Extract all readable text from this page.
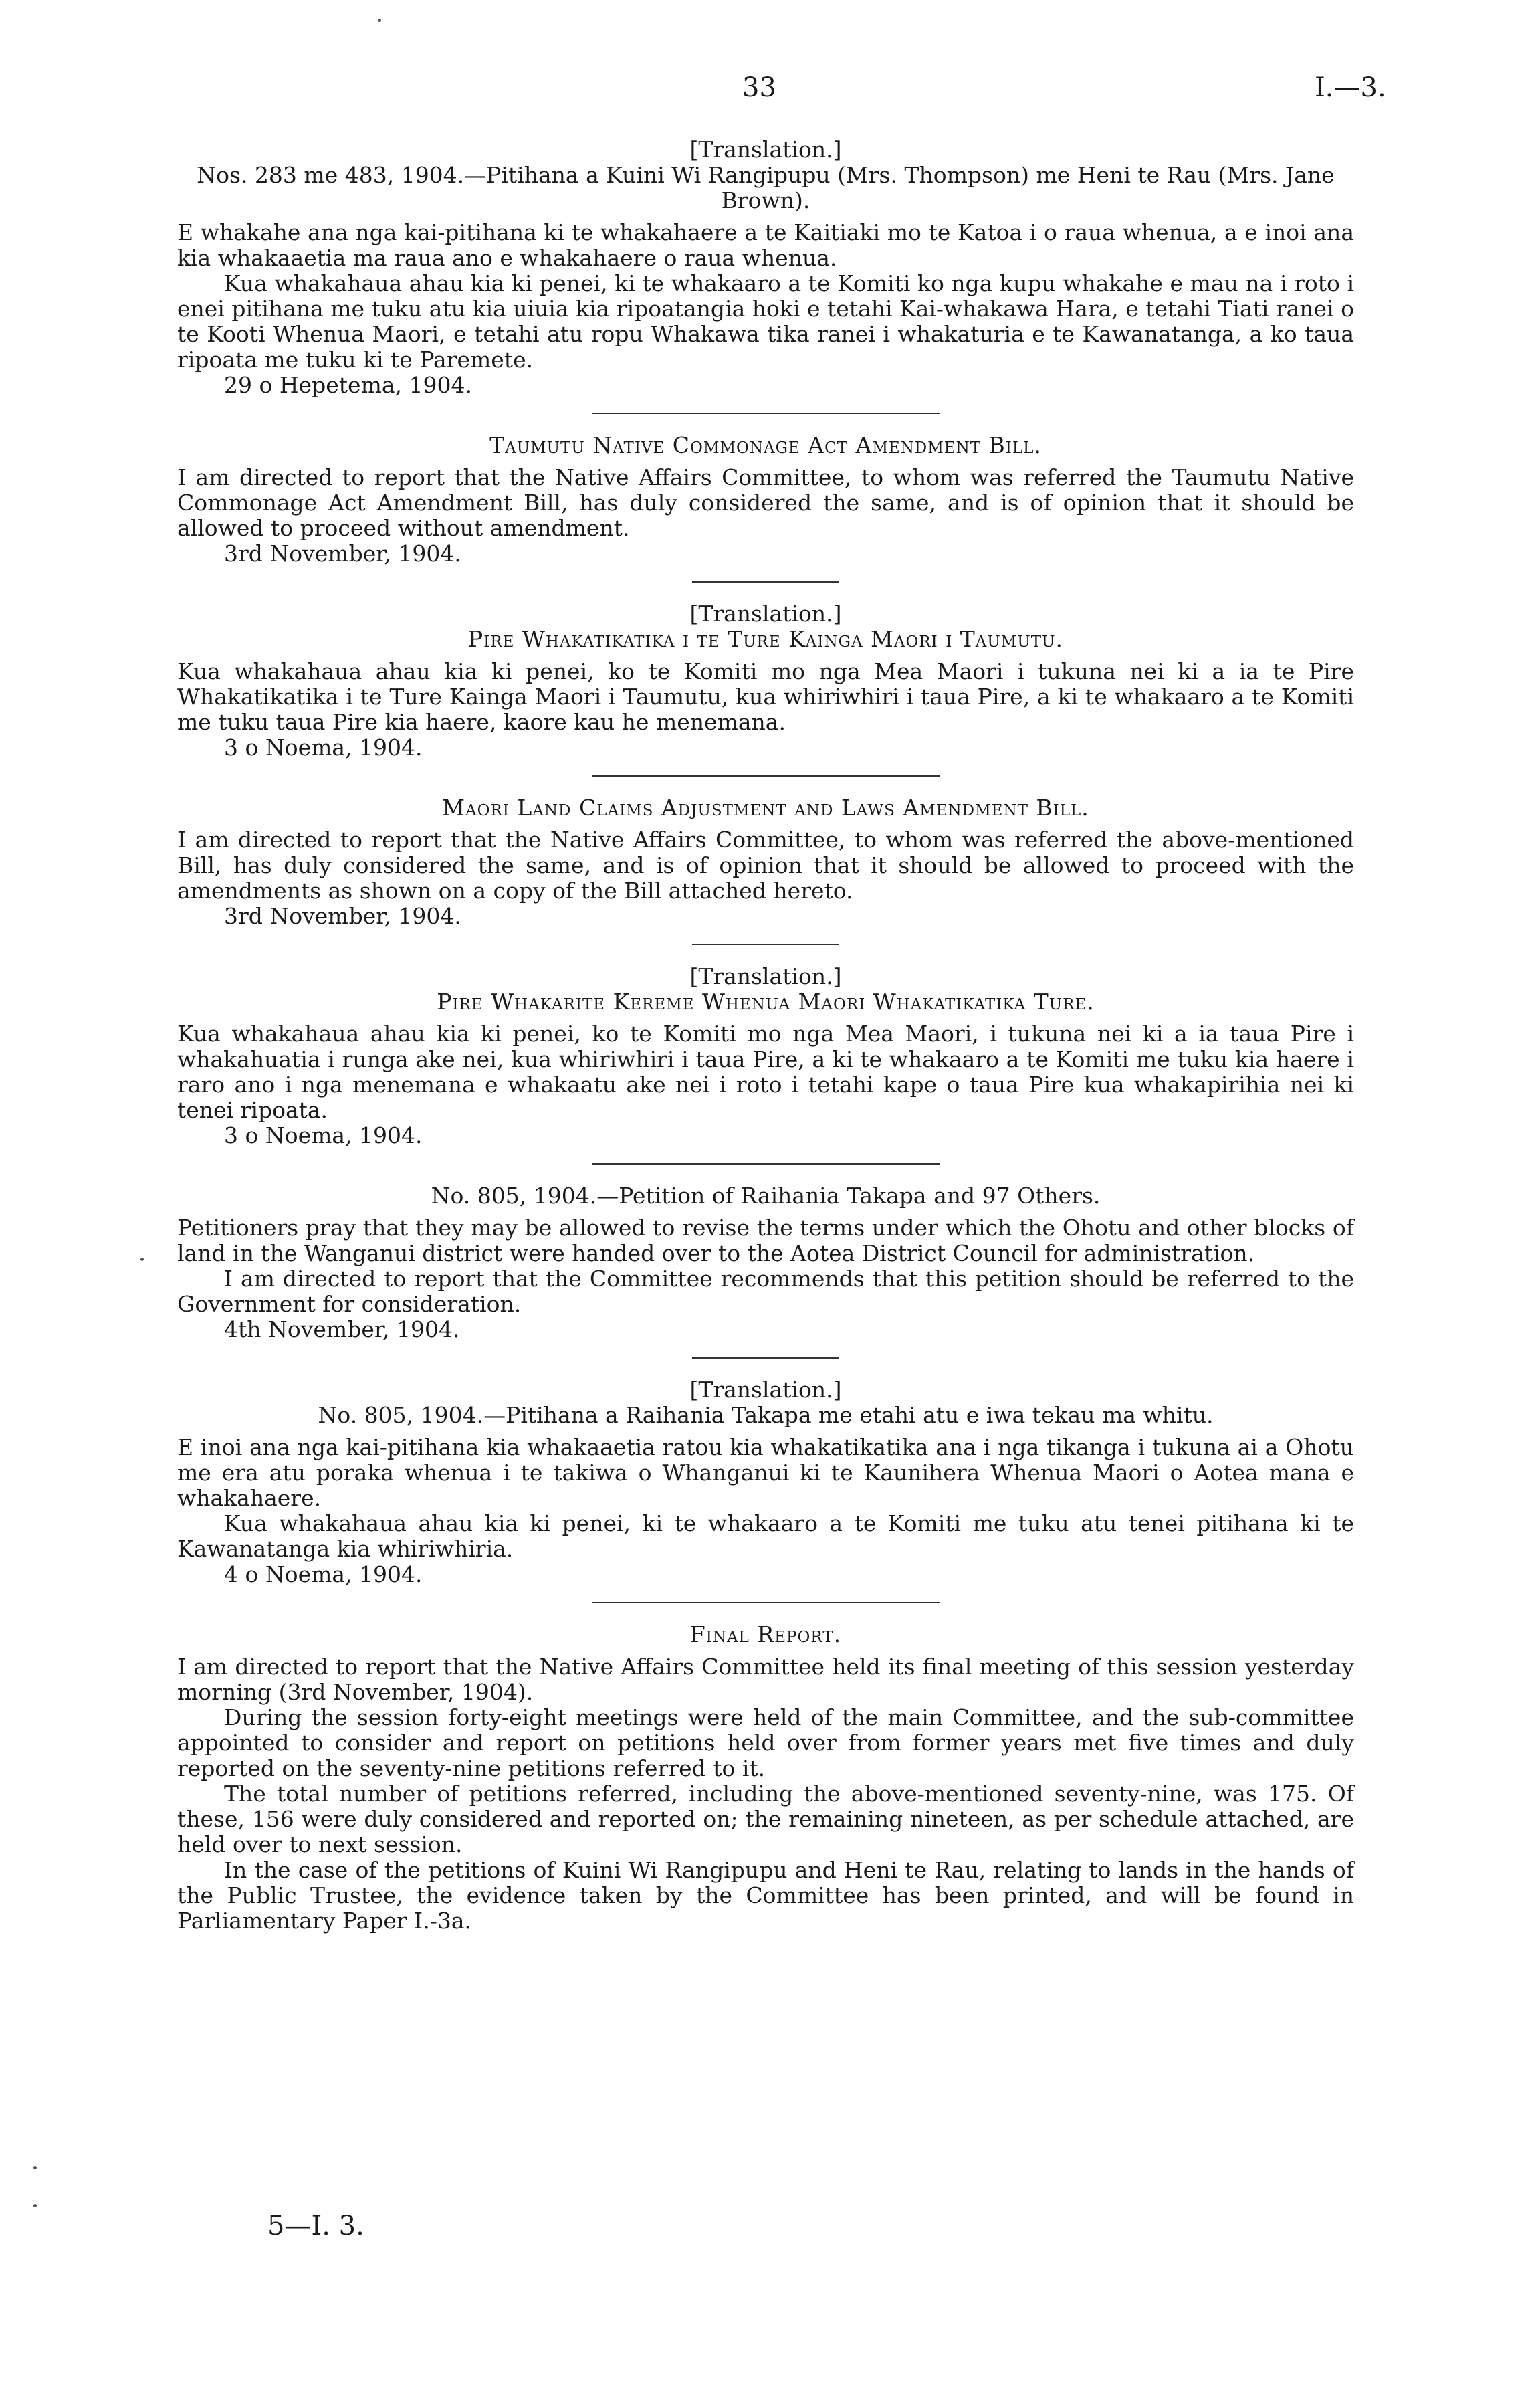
33	I.—3.

[Translation.]

Nos. 283 me 483, 1904.—Pitihana a Kuini Wi Rangipupu (Mrs. Thompson) me Heni te Rau (Mrs. Jane Brown).

E whakahe ana nga kai-pitihana ki te whakahaere a te Kaitiaki mo te Katoa i o raua whenua, a e inoi ana kia whakaaetia ma raua ano e whakahaere o raua whenua.

Kua whakahaua ahau kia ki penei, ki te whakaaro a te Komiti ko nga kupu whakahe e mau na i roto i enei pitihana me tuku atu kia uiuia kia ripoatangia hoki e tetahi Kai-whakawa Hara, e tetahi Tiati ranei o te Kooti Whenua Maori, e tetahi atu ropu Whakawa tika ranei i whakaturia e te Kawanatanga, a ko taua ripoata me tuku ki te Paremete.

29 o Hepetema, 1904.

Taumutu Native Commonage Act Amendment Bill.

I am directed to report that the Native Affairs Committee, to whom was referred the Taumutu Native Commonage Act Amendment Bill, has duly considered the same, and is of opinion that it should be allowed to proceed without amendment.

3rd November, 1904.

[Translation.]

Pire Whakatikatika i te Ture Kainga Maori i Taumutu.

Kua whakahaua ahau kia ki penei, ko te Komiti mo nga Mea Maori i tukuna nei ki a ia te Pire Whakatikatika i te Ture Kainga Maori i Taumutu, kua whiriwhiri i taua Pire, a ki te whakaaro a te Komiti me tuku taua Pire kia haere, kaore kau he menemana.

3 o Noema, 1904.

Maori Land Claims Adjustment and Laws Amendment Bill.

I am directed to report that the Native Affairs Committee, to whom was referred the above-mentioned Bill, has duly considered the same, and is of opinion that it should be allowed to proceed with the amendments as shown on a copy of the Bill attached hereto.

3rd November, 1904.

[Translation.]

Pire Whakarite Kereme Whenua Maori Whakatikatika Ture.

Kua whakahaua ahau kia ki penei, ko te Komiti mo nga Mea Maori, i tukuna nei ki a ia taua Pire i whakahuatia i runga ake nei, kua whiriwhiri i taua Pire, a ki te whakaaro a te Komiti me tuku kia haere i raro ano i nga menemana e whakaatu ake nei i roto i tetahi kape o taua Pire kua whakapirihia nei ki tenei ripoata.

3 o Noema, 1904.

No. 805, 1904.—Petition of Raihania Takapa and 97 Others.

Petitioners pray that they may be allowed to revise the terms under which the Ohotu and other blocks of land in the Wanganui district were handed over to the Aotea District Council for administration.

I am directed to report that the Committee recommends that this petition should be referred to the Government for consideration.

4th November, 1904.

[Translation.]

No. 805, 1904.—Pitihana a Raihania Takapa me etahi atu e iwa tekau ma whitu.

E inoi ana nga kai-pitihana kia whakaaetia ratou kia whakatikatika ana i nga tikanga i tukuna ai a Ohotu me era atu poraka whenua i te takiwa o Whanganui ki te Kaunihera Whenua Maori o Aotea mana e whakahaere.

Kua whakahaua ahau kia ki penei, ki te whakaaro a te Komiti me tuku atu tenei pitihana ki te Kawanatanga kia whiriwhiria.

4 o Noema, 1904.

Final Report.

I am directed to report that the Native Affairs Committee held its final meeting of this session yesterday morning (3rd November, 1904).

During the session forty-eight meetings were held of the main Committee, and the sub-committee appointed to consider and report on petitions held over from former years met five times and duly reported on the seventy-nine petitions referred to it.

The total number of petitions referred, including the above-mentioned seventy-nine, was 175. Of these, 156 were duly considered and reported on; the remaining nineteen, as per schedule attached, are held over to next session.

In the case of the petitions of Kuini Wi Rangipupu and Heni te Rau, relating to lands in the hands of the Public Trustee, the evidence taken by the Committee has been printed, and will be found in Parliamentary Paper I.-3a.

5—I. 3.
